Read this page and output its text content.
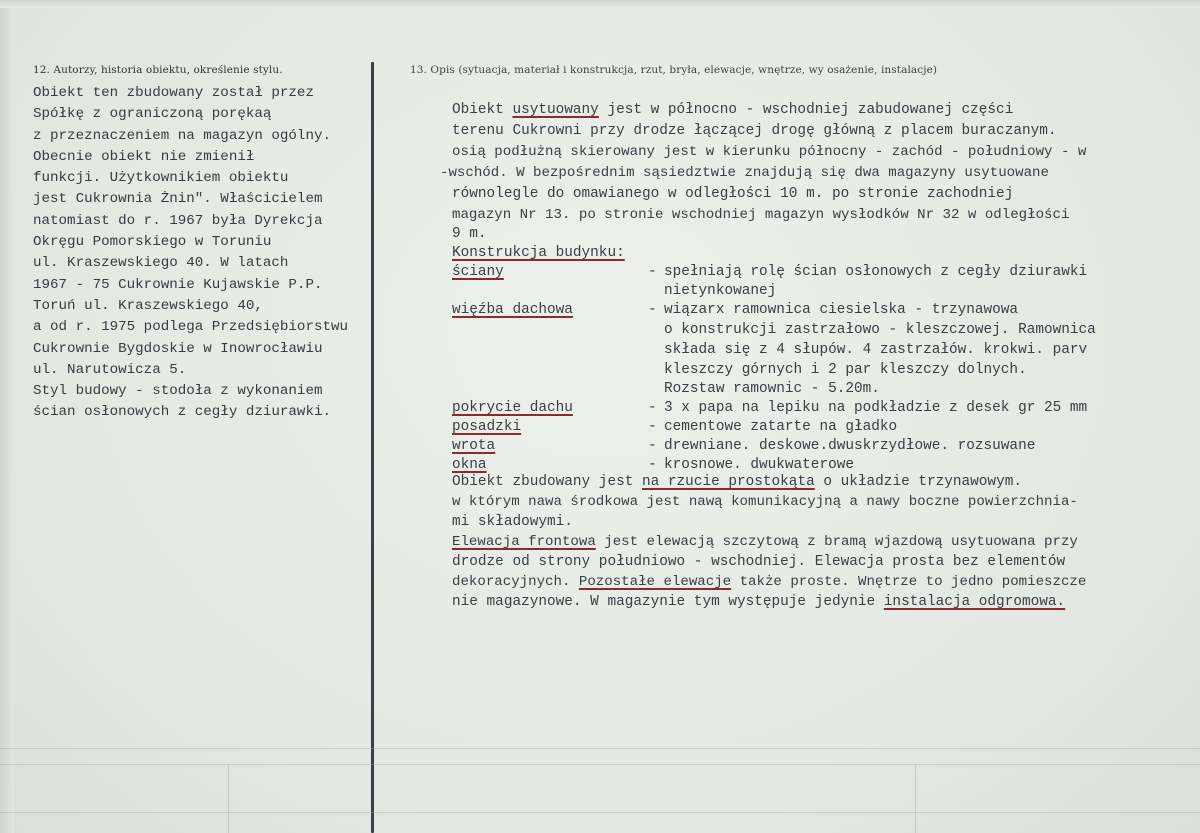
12. Autorzy, historia obiektu, określenie stylu.	13. Opis (sytuacja, materiał i konstrukcja, rzut, bryła, elewacje, wnętrze, wy osażenie, instalacje)
Obiekt ten zbudowany został przez
Spółkę z ograniczoną porękaą
z przeznaczeniem na magazyn ogólny.
Obecnie obiekt nie zmienił
funkcji. Użytkownikiem obiektu
jest Cukrownia Żnin". Właścicielem
natomiast do r. 1967 była Dyrekcja
Okręgu Pomorskiego w Toruniu
ul. Kraszewskiego 40. W latach
1967 - 75 Cukrownie Kujawskie P.P.
Toruń ul. Kraszewskiego 40,
a od r. 1975 podlega Przedsiębiorstwu
Cukrownie Bygdoskie w Inowrocławiu
ul. Narutowicza 5.
Styl budowy - stodoła z wykonaniem
ścian osłonowych z cegły dziurawki.
Obiekt usytuowany jest w północno - wschodniej zabudowanej części
terenu Cukrowni przy drodze łączącej drogę główną z placem buraczanym.
osią podłużną skierowany jest w kierunku północny - zachód - południowy - w
-wschód. W bezpośrednim sąsiedztwie znajdują się dwa magazyny usytuowane
równolegle do omawianego w odległości 10 m. po stronie zachodniej
magazyn Nr 13. po stronie wschodniej magazyn wysłodków Nr 32 w odległości
9 m.
Konstrukcja budynku:
ściany	- spełniają rolę ścian osłonowych z cegły dziurawki
nietynkowanej
więźba dachowa	- wiązarx ramownica ciesielska - trzynawowa
o konstrukcji zastrzałowo - kleszczowej. Ramownica
składa się z 4 słupów. 4 zastrzałów. krokwi. parv
kleszczy górnych i 2 par kleszczy dolnych.
Rozstaw ramownic - 5.20m.
pokrycie dachu	- 3 x papa na lepiku na podkładzie z desek gr 25 mm
posadzki	- cementowe zatarte na gładko
wrota	- drewniane. deskowe.dwuskrzydłowe. rozsuwane
okna	- krosnowe. dwukwaterowe
Obiekt zbudowany jest na rzucie prostokąta o układzie trzynawowym.
w którym nawa środkowa jest nawą komunikacyjną a nawy boczne powierzchnia-
mi składowymi.
Elewacja frontowa jest elewacją szczytową z bramą wjazdową usytuowana przy
drodze od strony południowo - wschodniej. Elewacja prosta bez elementów
dekoracyjnych. Pozostałe elewacje także proste. Wnętrze to jedno pomieszcze
nie magazynowe. W magazynie tym występuje jedynie instalacja odgromowa.
